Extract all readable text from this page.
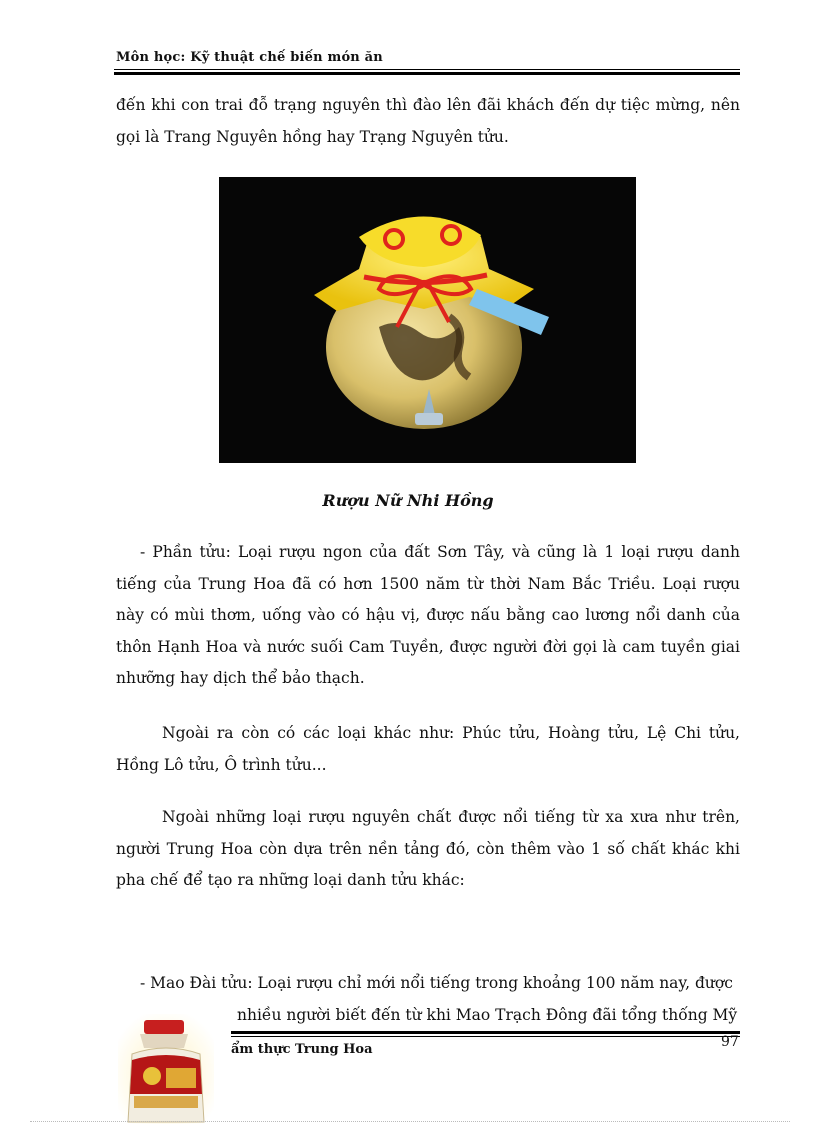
Môn học: Kỹ thuật chế biến món ăn

đến khi con trai đỗ trạng nguyên thì đào lên đãi khách đến dự tiệc mừng, nên gọi là Trang Nguyên hồng hay Trạng Nguyên tửu.

Rượu Nữ Nhi Hồng

- Phần tửu: Loại rượu ngon của đất Sơn Tây, và cũng là 1 loại rượu danh tiếng của Trung Hoa đã có hơn 1500 năm từ thời Nam Bắc Triều. Loại rượu này có mùi thơm, uống vào có hậu vị, được nấu bằng cao lương nổi danh của thôn Hạnh Hoa và nước suối Cam Tuyền, được người đời gọi là cam tuyền giai nhưỡng hay dịch thể bảo thạch.

Ngoài ra còn có các loại khác như: Phúc tửu, Hoàng tửu, Lệ Chi tửu, Hồng Lô tửu, Ô trình tửu...

Ngoài những loại rượu nguyên chất được nổi tiếng từ xa xưa như trên, người Trung Hoa còn dựa trên nền tảng đó, còn thêm vào 1 số chất khác khi pha chế để tạo ra những loại danh tửu khác:

- Mao Đài tửu: Loại rượu chỉ mới nổi tiếng trong khoảng 100 năm nay, được

nhiều người biết đến từ khi Mao Trạch Đông đãi tổng thống Mỹ

ẩm thực Trung Hoa	97
